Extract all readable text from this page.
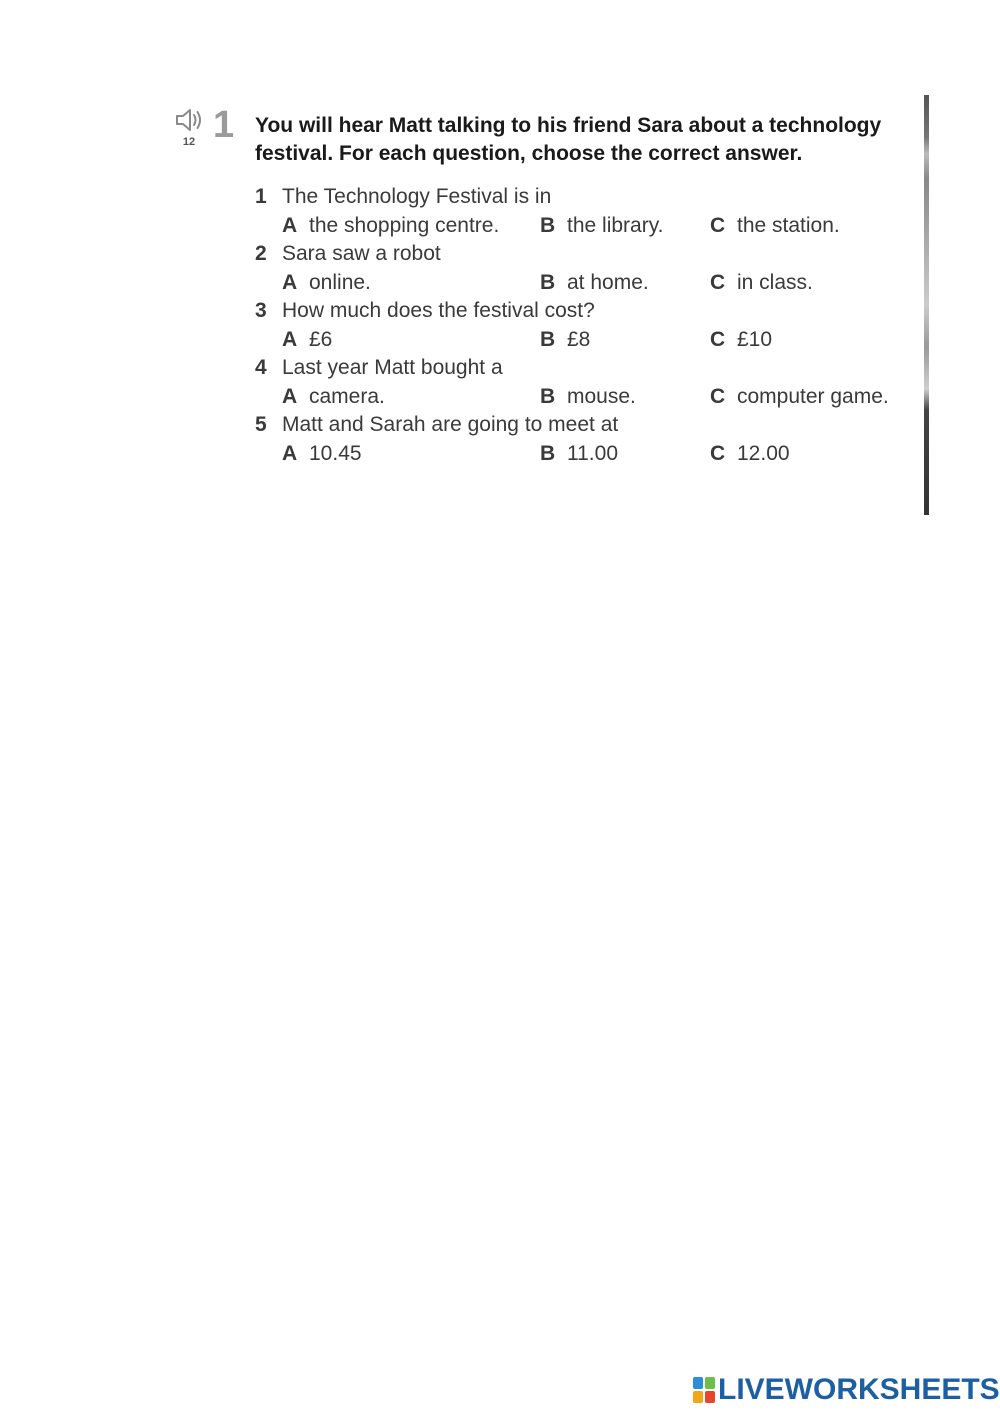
12 1 You will hear Matt talking to his friend Sara about a technology festival. For each question, choose the correct answer.
1 The Technology Festival is in
A the shopping centre. B the library. C the station.
2 Sara saw a robot
A online.	B at home.	C in class.
3 How much does the festival cost?
A £6	B £8	C £10
4 Last year Matt bought a
A camera.	B mouse.	C computer game.
5 Matt and Sarah are going to meet at
A 10.45	B 11.00	C 12.00
LIVEWORKSHEETS
